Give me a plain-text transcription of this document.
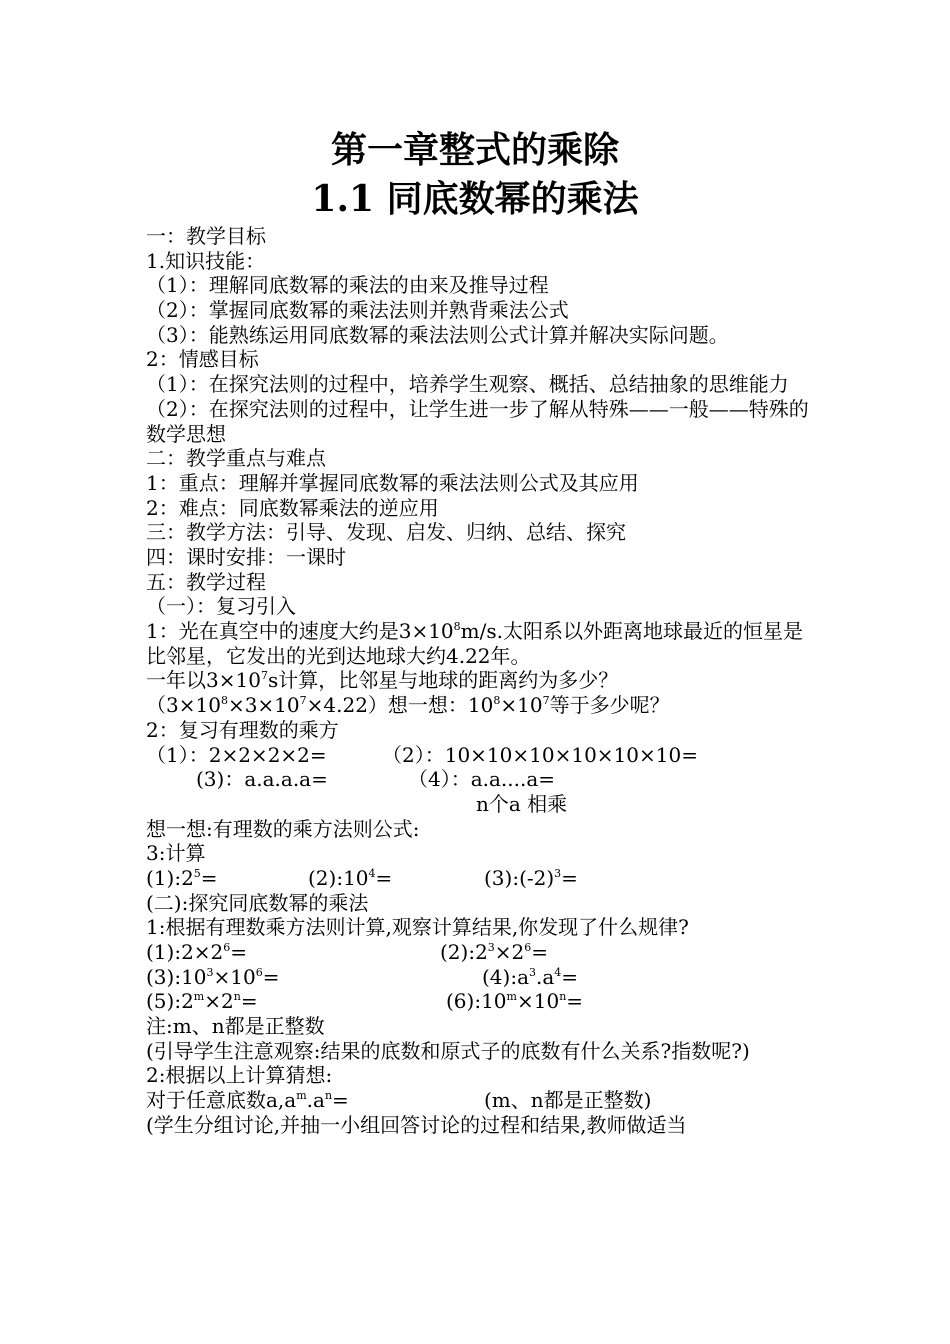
第一章整式的乘除
1.1 同底数幂的乘法
一：教学目标
1.知识技能：
（1）：理解同底数幂的乘法的由来及推导过程
（2）：掌握同底数幂的乘法法则并熟背乘法公式
（3）：能熟练运用同底数幂的乘法法则公式计算并解决实际问题。
2：情感目标
（1）：在探究法则的过程中，培养学生观察、概括、总结抽象的思维能力
（2）：在探究法则的过程中，让学生进一步了解从特殊——一般——特殊的数学思想
二：教学重点与难点
1：重点：理解并掌握同底数幂的乘法法则公式及其应用
2：难点：同底数幂乘法的逆应用
三：教学方法：引导、发现、启发、归纳、总结、探究
四：课时安排：一课时
五：教学过程
（一）：复习引入
1：光在真空中的速度大约是$3\times 10^8m/s$.太阳系以外距离地球最近的恒星是比邻星，它发出的光到达地球大约4.22年。
一年以$3\times 10^7s$计算，比邻星与地球的距离约为多少？
$(3\times 10^8\times 3\times 10^7\times 4.22)$想一想：$10^8\times 10^7$等于多少呢？
2：复习有理数的乘方
（1）：2×2×2×2=	（2）：10×10×10×10×10×10=
(3)：a.a.a.a=	（4）：a.a....a=
n个a 相乘
想一想:有理数的乘方法则公式:
3:计算
$(1):2^5=$	$(2):10^4=$	$(3):(-2)^3=$
(二):探究同底数幂的乘法
1:根据有理数乘方法则计算,观察计算结果,你发现了什么规律?
$(1):2\times 2^6=$	$(2):2^3\times 2^6=$
$(3):10^3\times 10^6=$	$(4):a^3.a^4=$
$(5):2^m\times 2^n=$	$(6):10^m\times 10^n=$
注:m、n都是正整数
(引导学生注意观察:结果的底数和原式子的底数有什么关系?指数呢?)
2:根据以上计算猜想:
对于任意底数$a,a^m.a^n=$	(m、n都是正整数)
(学生分组讨论,并抽一小组回答讨论的过程和结果,教师做适当
